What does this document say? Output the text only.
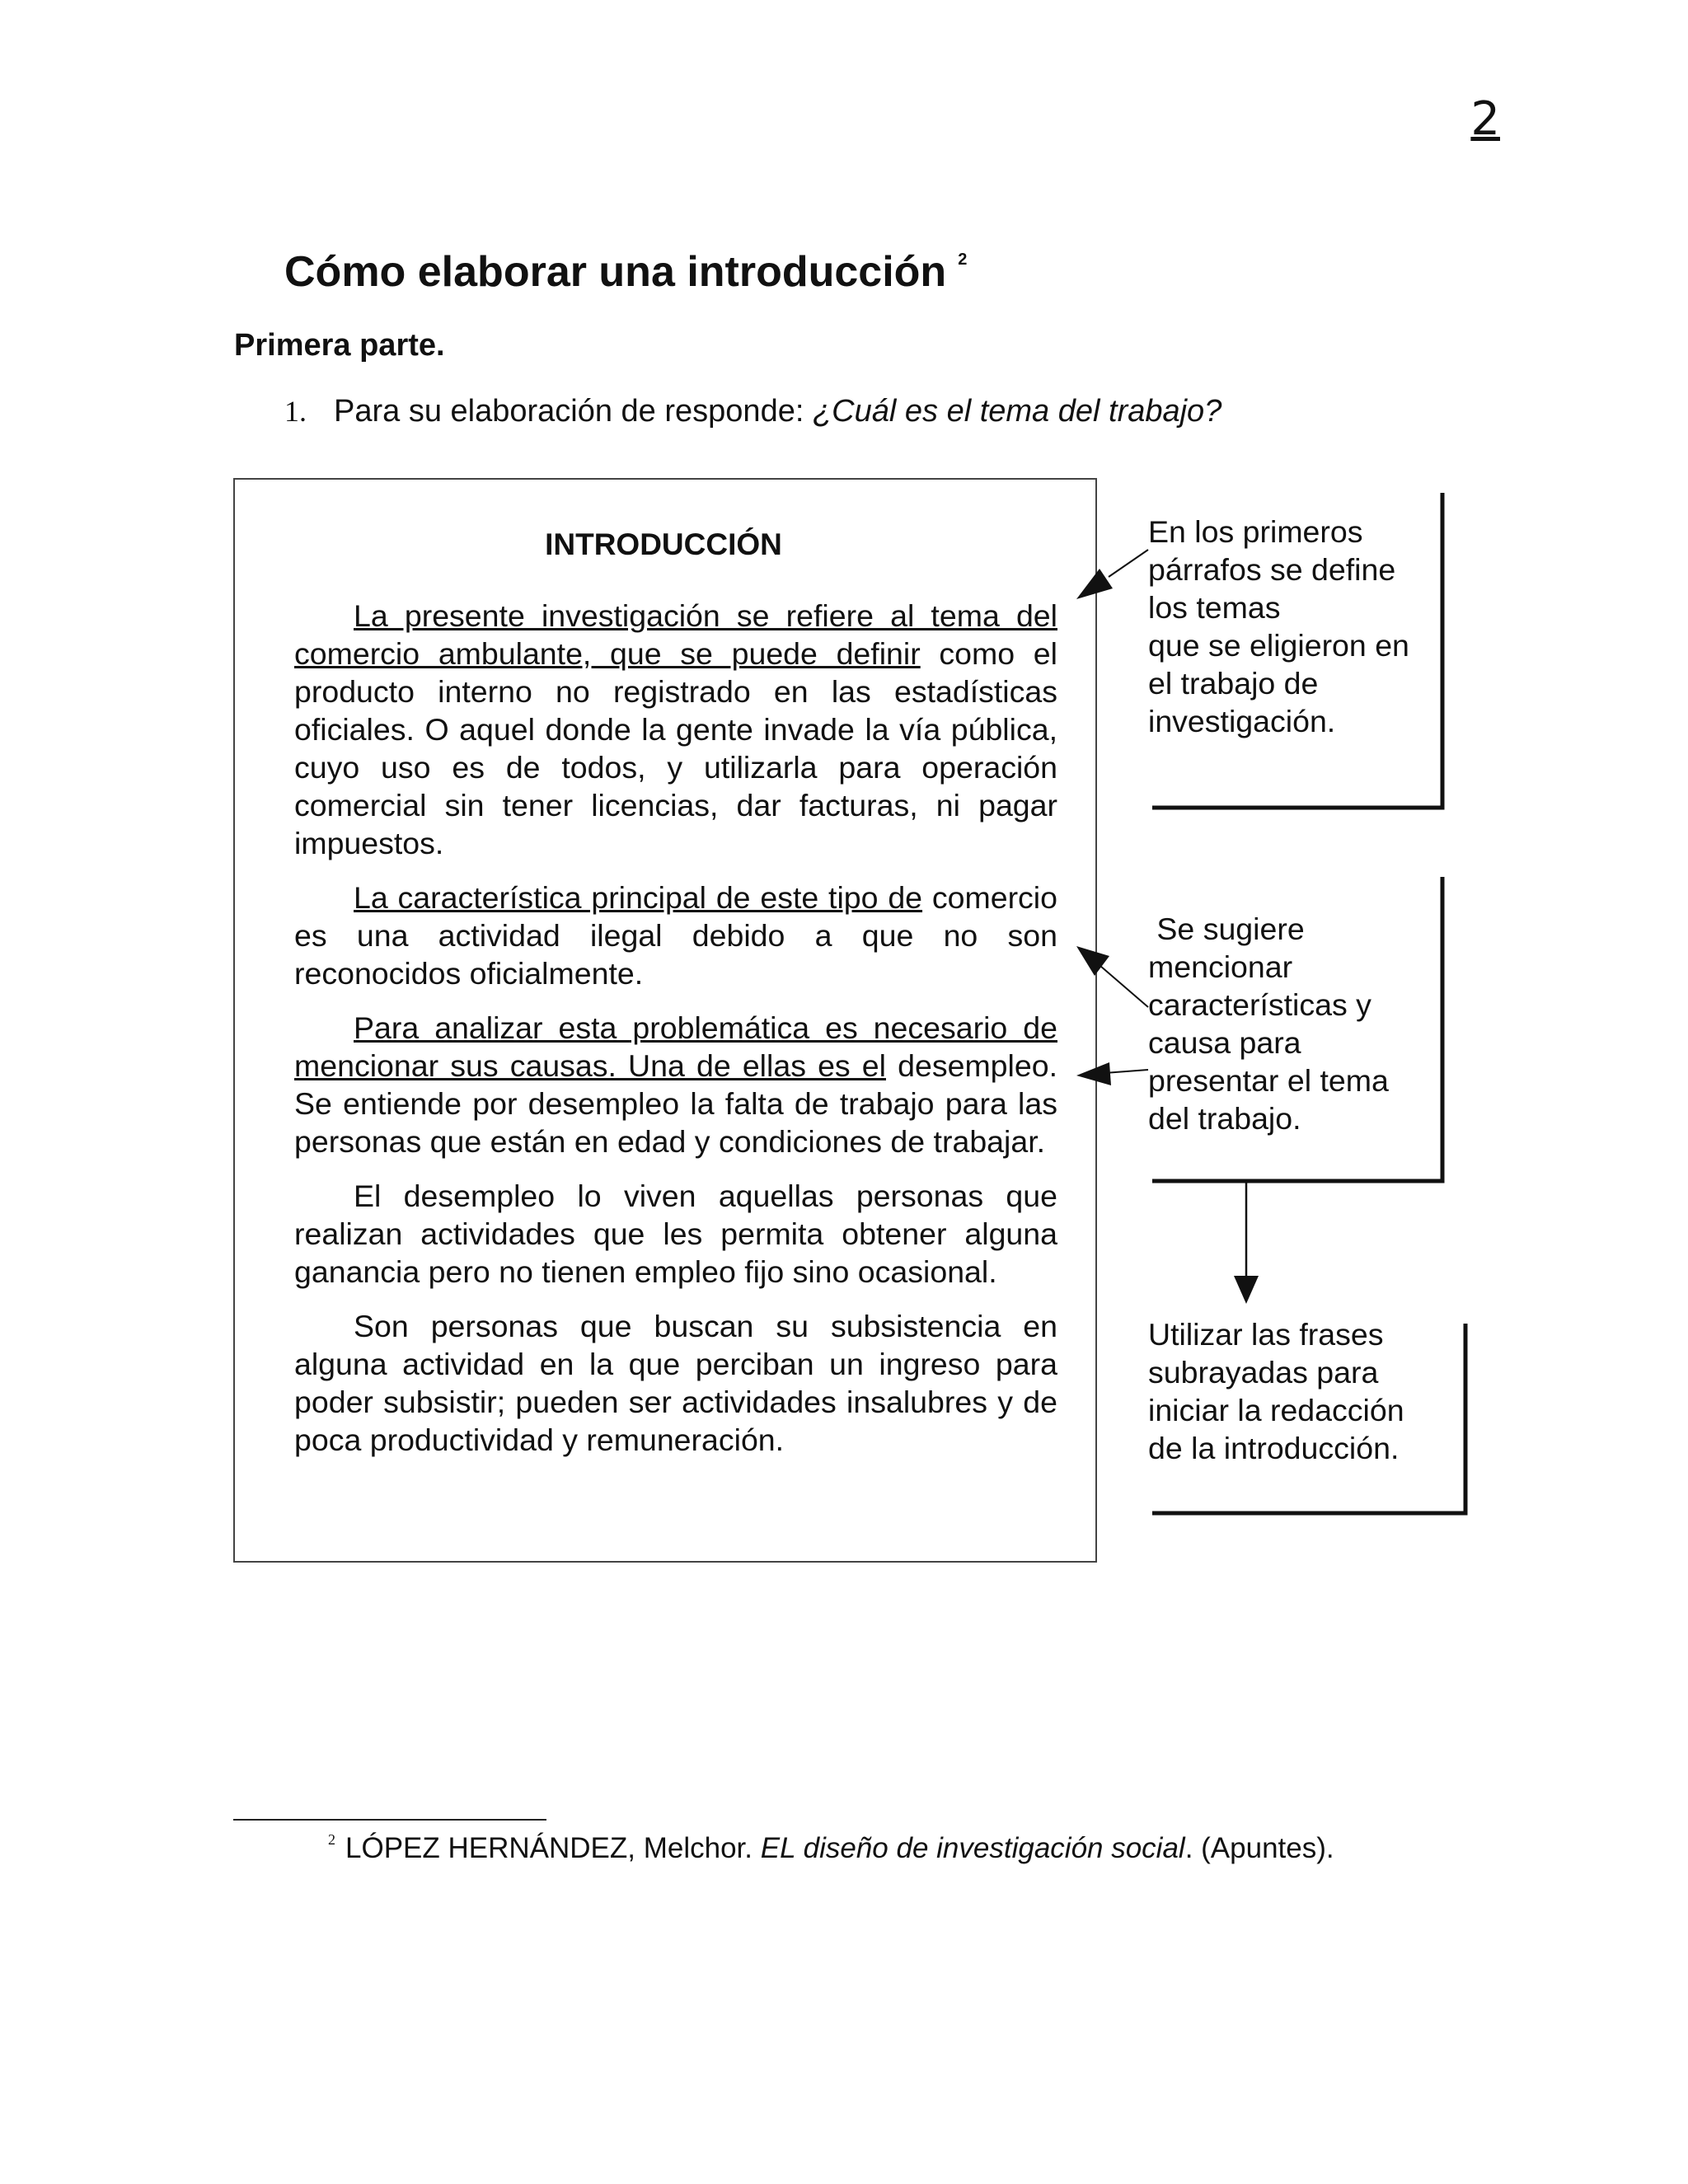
2
Cómo elaborar una introducción 2
Primera parte.
1. Para su elaboración de responde: ¿Cuál es el tema del trabajo?
INTRODUCCIÓN

La presente investigación se refiere al tema del comercio ambulante, que se puede definir como el producto interno no registrado en las estadísticas oficiales. O aquel donde la gente invade la vía pública, cuyo uso es de todos, y utilizarla para operación comercial sin tener licencias, dar facturas, ni pagar impuestos.

La característica principal de este tipo de comercio es una actividad ilegal debido a que no son reconocidos oficialmente.

Para analizar esta problemática es necesario de mencionar sus causas. Una de ellas es el desempleo. Se entiende por desempleo la falta de trabajo para las personas que están en edad y condiciones de trabajar.

El desempleo lo viven aquellas personas que realizan actividades que les permita obtener alguna ganancia pero no tienen empleo fijo sino ocasional.

Son personas que buscan su subsistencia en alguna actividad en la que perciban un ingreso para poder subsistir; pueden ser actividades insalubres y de poca productividad y remuneración.

En los primeros
párrafos se define
los temas
que se eligieron en
el trabajo de
investigación.
Se sugiere
mencionar
características y
causa para
presentar el tema
del trabajo.
Utilizar las frases
subrayadas para
iniciar la redacción
de la introducción.
$^2$ LÓPEZ HERNÁNDEZ, Melchor. EL diseño de investigación social. (Apuntes).
